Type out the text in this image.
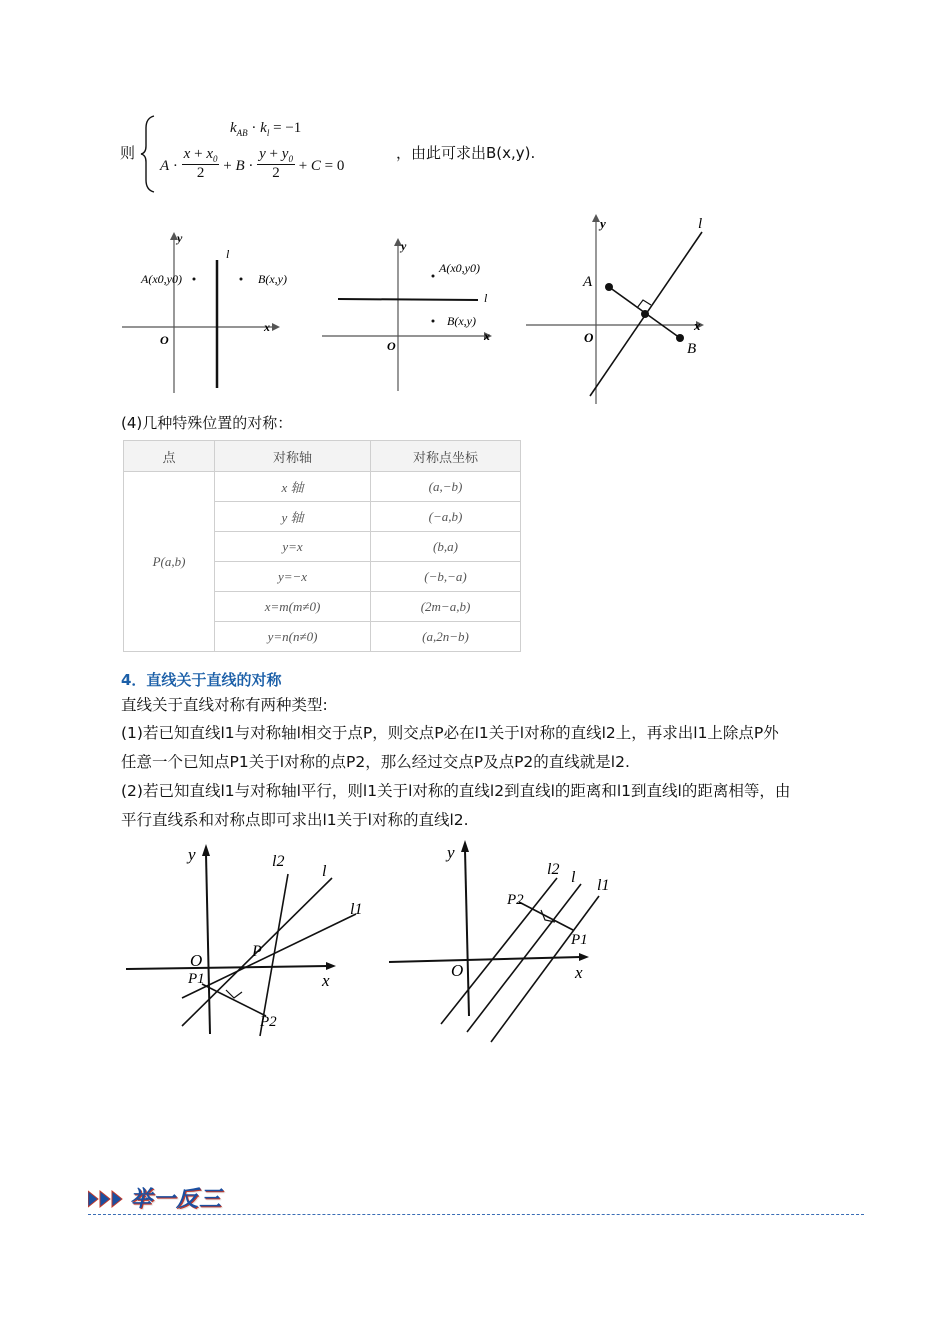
则
$k_{AB} \cdot k_l = -1$
$A \cdot \frac{x + x_0}{2} + B \cdot \frac{y + y_0}{2} + C = 0$
，由此可求出B(x,y).
x
y
O
l
A(x0,y0)	B(x,y)
x
y
O
l
A(x0,y0)
B(x,y)	x
y
O
l
A
B
(4)几种特殊位置的对称：
点	对称轴	对称点坐标
P(a,b)	x 轴	(a,−b)
	y 轴	(−a,b)
	y=x	(b,a)
	y=−x	(−b,−a)
	x=m(m≠0)	(2m−a,b)
	y=n(n≠0)	(a,2n−b)
4．直线关于直线的对称
直线关于直线对称有两种类型:
(1)若已知直线l1与对称轴l相交于点P，则交点P必在l1关于l对称的直线l2上，再求出l1上除点P外
任意一个已知点P1关于l对称的点P2，那么经过交点P及点P2的直线就是l2.
(2)若已知直线l1与对称轴l平行，则l1关于l对称的直线l2到直线l的距离和l1到直线l的距离相等，由
平行直线系和对称点即可求出l1关于l对称的直线l2.
x
y
O
l
l1
l2
P
P1
P2
x
y
O
l l1
l2
P1
P2
举一反三
